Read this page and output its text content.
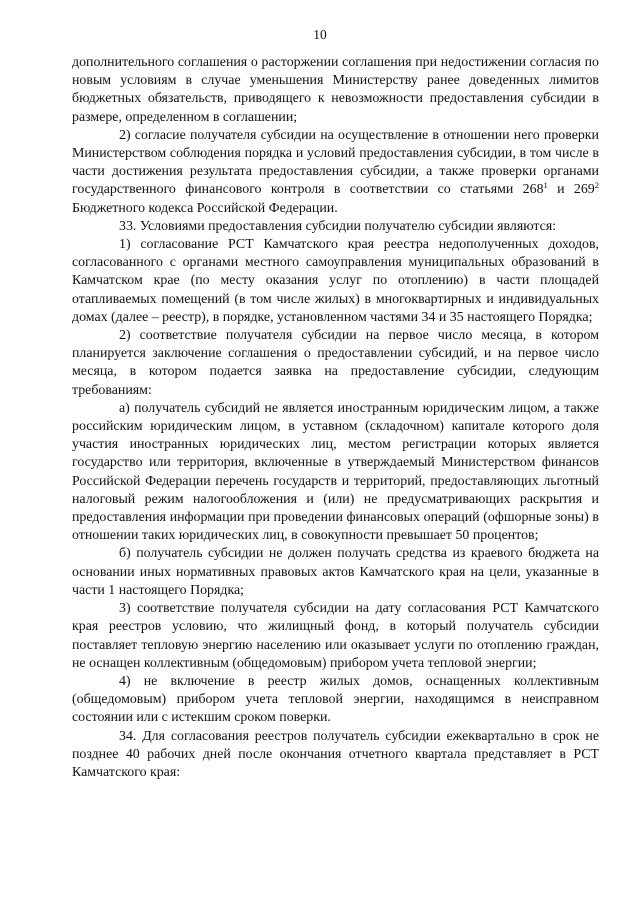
10

дополнительного соглашения о расторжении соглашения при недостижении согласия по новым условиям в случае уменьшения Министерству ранее доведенных лимитов бюджетных обязательств, приводящего к невозможности предоставления субсидии в размере, определенном в соглашении;

2) согласие получателя субсидии на осуществление в отношении него проверки Министерством соблюдения порядка и условий предоставления субсидии, в том числе в части достижения результата предоставления субсидии, а также проверки органами государственного финансового контроля в соответствии со статьями $268^1$ и $269^2$ Бюджетного кодекса Российской Федерации.

33. Условиями предоставления субсидии получателю субсидии являются:

1) согласование РСТ Камчатского края реестра недополученных доходов, согласованного с органами местного самоуправления муниципальных образований в Камчатском крае (по месту оказания услуг по отоплению) в части площадей отапливаемых помещений (в том числе жилых) в многоквартирных и индивидуальных домах (далее – реестр), в порядке, установленном частями 34 и 35 настоящего Порядка;

2) соответствие получателя субсидии на первое число месяца, в котором планируется заключение соглашения о предоставлении субсидий, и на первое число месяца, в котором подается заявка на предоставление субсидии, следующим требованиям:

а) получатель субсидий не является иностранным юридическим лицом, а также российским юридическим лицом, в уставном (складочном) капитале которого доля участия иностранных юридических лиц, местом регистрации которых является государство или территория, включенные в утверждаемый Министерством финансов Российской Федерации перечень государств и территорий, предоставляющих льготный налоговый режим налогообложения и (или) не предусматривающих раскрытия и предоставления информации при проведении финансовых операций (офшорные зоны) в отношении таких юридических лиц, в совокупности превышает 50 процентов;

б) получатель субсидии не должен получать средства из краевого бюджета на основании иных нормативных правовых актов Камчатского края на цели, указанные в части 1 настоящего Порядка;

3) соответствие получателя субсидии на дату согласования РСТ Камчатского края реестров условию, что жилищный фонд, в который получатель субсидии поставляет тепловую энергию населению или оказывает услуги по отоплению граждан, не оснащен коллективным (общедомовым) прибором учета тепловой энергии;

4) не включение в реестр жилых домов, оснащенных коллективным (общедомовым) прибором учета тепловой энергии, находящимся в неисправном состоянии или с истекшим сроком поверки.

34. Для согласования реестров получатель субсидии ежеквартально в срок не позднее 40 рабочих дней после окончания отчетного квартала представляет в РСТ Камчатского края:
